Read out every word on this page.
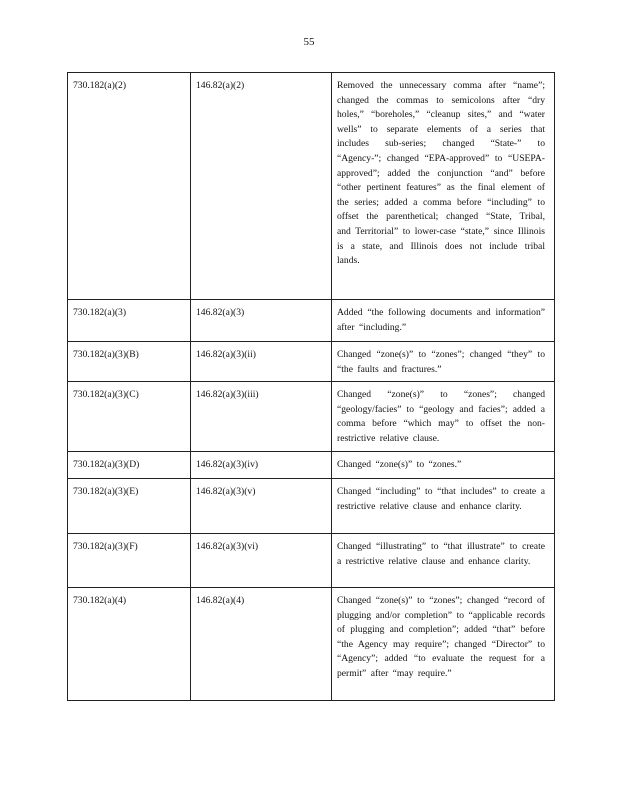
55
730.182(a)(2)	146.82(a)(2)	Removed the unnecessary comma after “name”; changed the commas to semicolons after “dry holes,” “boreholes,” “cleanup sites,” and “water wells” to separate elements of a series that includes sub-series; changed “State-” to “Agency-”; changed “EPA-approved” to “USEPA-approved”; added the conjunction “and” before “other pertinent features” as the final element of the series; added a comma before “including” to offset the parenthetical; changed “State, Tribal, and Territorial” to lower-case “state,” since Illinois is a state, and Illinois does not include tribal lands.

730.182(a)(3)	146.82(a)(3)	Added “the following documents and information” after “including.”

730.182(a)(3)(B)	146.82(a)(3)(ii)	Changed “zone(s)” to “zones”; changed “they” to “the faults and fractures.”

730.182(a)(3)(C)	146.82(a)(3)(iii)	Changed “zone(s)” to “zones”; changed “geology/facies” to “geology and facies”; added a comma before “which may” to offset the non-restrictive relative clause.

730.182(a)(3)(D)	146.82(a)(3)(iv)	Changed “zone(s)” to “zones.”

730.182(a)(3)(E)	146.82(a)(3)(v)	Changed “including” to “that includes” to create a restrictive relative clause and enhance clarity.

730.182(a)(3)(F)	146.82(a)(3)(vi)	Changed “illustrating” to “that illustrate” to create a restrictive relative clause and enhance clarity.

730.182(a)(4)	146.82(a)(4)	Changed “zone(s)” to “zones”; changed “record of plugging and/or completion” to “applicable records of plugging and completion”; added “that” before “the Agency may require”; changed “Director” to “Agency”; added “to evaluate the request for a permit” after “may require.”
